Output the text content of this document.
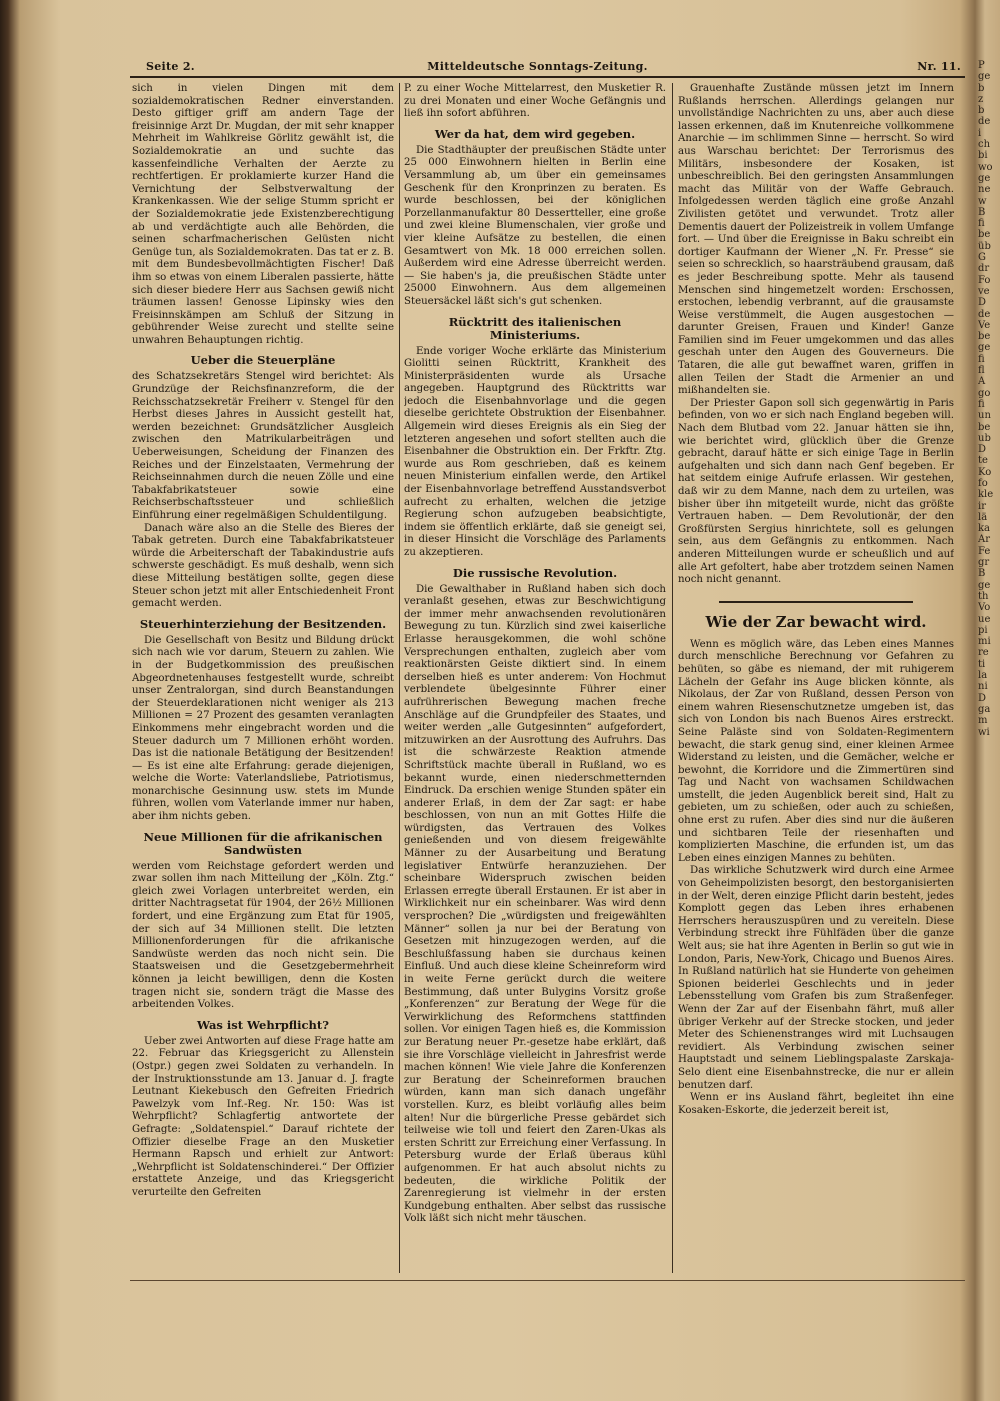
Seite 2.	Mitteldeutsche Sonntags-Zeitung.	Nr. 11.

sich in vielen Dingen mit dem sozialdemokratischen Redner einverstanden. Desto giftiger griff am andern Tage der freisinnige Arzt Dr. Mugdan, der mit sehr knapper Mehrheit im Wahlkreise Görlitz gewählt ist, die Sozialdemokratie an und suchte das kassenfeindliche Verhalten der Aerzte zu rechtfertigen. Er proklamierte kurzer Hand die Vernichtung der Selbstverwaltung der Krankenkassen. Wie der selige Stumm spricht er der Sozialdemokratie jede Existenzberechtigung ab und verdächtigte auch alle Behörden, die seinen scharfmacherischen Gelüsten nicht Genüge tun, als Sozialdemokraten. Das tat er z. B. mit dem Bundesbevollmächtigten Fischer! Daß ihm so etwas von einem Liberalen passierte, hätte sich dieser biedere Herr aus Sachsen gewiß nicht träumen lassen! Genosse Lipinsky wies den Freisinnskämpen am Schluß der Sitzung in gebührender Weise zurecht und stellte seine unwahren Behauptungen richtig.

Ueber die Steuerpläne

des Schatzsekretärs Stengel wird berichtet: Als Grundzüge der Reichsfinanzreform, die der Reichsschatzsekretär Freiherr v. Stengel für den Herbst dieses Jahres in Aussicht gestellt hat, werden bezeichnet: Grundsätzlicher Ausgleich zwischen den Matrikularbeiträgen und Ueberweisungen, Scheidung der Finanzen des Reiches und der Einzelstaaten, Vermehrung der Reichseinnahmen durch die neuen Zölle und eine Tabakfabrikatsteuer sowie eine Reichserbschaftssteuer und schließlich Einführung einer regelmäßigen Schuldentilgung.

Danach wäre also an die Stelle des Bieres der Tabak getreten. Durch eine Tabakfabrikatsteuer würde die Arbeiterschaft der Tabakindustrie aufs schwerste geschädigt. Es muß deshalb, wenn sich diese Mitteilung bestätigen sollte, gegen diese Steuer schon jetzt mit aller Entschiedenheit Front gemacht werden.

Steuerhinterziehung der Besitzenden.

Die Gesellschaft von Besitz und Bildung drückt sich nach wie vor darum, Steuern zu zahlen. Wie in der Budgetkommission des preußischen Abgeordnetenhauses festgestellt wurde, schreibt unser Zentralorgan, sind durch Beanstandungen der Steuerdeklarationen nicht weniger als 213 Millionen = 27 Prozent des gesamten veranlagten Einkommens mehr eingebracht worden und die Steuer dadurch um 7 Millionen erhöht worden. Das ist die nationale Betätigung der Besitzenden! — Es ist eine alte Erfahrung: gerade diejenigen, welche die Worte: Vaterlandsliebe, Patriotismus, monarchische Gesinnung usw. stets im Munde führen, wollen vom Vaterlande immer nur haben, aber ihm nichts geben.

Neue Millionen für die afrikanischen Sandwüsten

werden vom Reichstage gefordert werden und zwar sollen ihm nach Mitteilung der „Köln. Ztg.“ gleich zwei Vorlagen unterbreitet werden, ein dritter Nachtragsetat für 1904, der 26½ Millionen fordert, und eine Ergänzung zum Etat für 1905, der sich auf 34 Millionen stellt. Die letzten Millionenforderungen für die afrikanische Sandwüste werden das noch nicht sein. Die Staatsweisen und die Gesetzgebermehrheit können ja leicht bewilligen, denn die Kosten tragen nicht sie, sondern trägt die Masse des arbeitenden Volkes.

Was ist Wehrpflicht?

Ueber zwei Antworten auf diese Frage hatte am 22. Februar das Kriegsgericht zu Allenstein (Ostpr.) gegen zwei Soldaten zu verhandeln. In der Instruktionsstunde am 13. Januar d. J. fragte Leutnant Kiekebusch den Gefreiten Friedrich Pawelzyk vom Inf.-Reg. Nr. 150: Was ist Wehrpflicht? Schlagfertig antwortete der Gefragte: „Soldatenspiel.“ Darauf richtete der Offizier dieselbe Frage an den Musketier Hermann Rapsch und erhielt zur Antwort: „Wehrpflicht ist Soldatenschinderei.“ Der Offizier erstattete Anzeige, und das Kriegsgericht verurteilte den Gefreiten

P. zu einer Woche Mittelarrest, den Musketier R. zu drei Monaten und einer Woche Gefängnis und ließ ihn sofort abführen.

Wer da hat, dem wird gegeben.

Die Stadthäupter der preußischen Städte unter 25 000 Einwohnern hielten in Berlin eine Versammlung ab, um über ein gemeinsames Geschenk für den Kronprinzen zu beraten. Es wurde beschlossen, bei der königlichen Porzellanmanufaktur 80 Dessertteller, eine große und zwei kleine Blumenschalen, vier große und vier kleine Aufsätze zu bestellen, die einen Gesamtwert von Mk. 18 000 erreichen sollen. Außerdem wird eine Adresse überreicht werden. — Sie haben's ja, die preußischen Städte unter 25000 Einwohnern. Aus dem allgemeinen Steuersäckel läßt sich's gut schenken.

Rücktritt des italienischen Ministeriums.

Ende voriger Woche erklärte das Ministerium Giolitti seinen Rücktritt, Krankheit des Ministerpräsidenten wurde als Ursache angegeben. Hauptgrund des Rücktritts war jedoch die Eisenbahnvorlage und die gegen dieselbe gerichtete Obstruktion der Eisenbahner. Allgemein wird dieses Ereignis als ein Sieg der letzteren angesehen und sofort stellten auch die Eisenbahner die Obstruktion ein. Der Frkftr. Ztg. wurde aus Rom geschrieben, daß es keinem neuen Ministerium einfallen werde, den Artikel der Eisenbahnvorlage betreffend Ausstandsverbot aufrecht zu erhalten, welchen die jetzige Regierung schon aufzugeben beabsichtigte, indem sie öffentlich erklärte, daß sie geneigt sei, in dieser Hinsicht die Vorschläge des Parlaments zu akzeptieren.

Die russische Revolution.

Die Gewalthaber in Rußland haben sich doch veranlaßt gesehen, etwas zur Beschwichtigung der immer mehr anwachsenden revolutionären Bewegung zu tun. Kürzlich sind zwei kaiserliche Erlasse herausgekommen, die wohl schöne Versprechungen enthalten, zugleich aber vom reaktionärsten Geiste diktiert sind. In einem derselben hieß es unter anderem: Von Hochmut verblendete übelgesinnte Führer einer aufrührerischen Bewegung machen freche Anschläge auf die Grundpfeiler des Staates, und weiter werden „alle Gutgesinnten“ aufgefordert, mitzuwirken an der Ausrottung des Aufruhrs. Das ist die schwärzeste Reaktion atmende Schriftstück machte überall in Rußland, wo es bekannt wurde, einen niederschmetternden Eindruck. Da erschien wenige Stunden später ein anderer Erlaß, in dem der Zar sagt: er habe beschlossen, von nun an mit Gottes Hilfe die würdigsten, das Vertrauen des Volkes genießenden und von diesem freigewählte Männer zu der Ausarbeitung und Beratung legislativer Entwürfe heranzuziehen. Der scheinbare Widerspruch zwischen beiden Erlassen erregte überall Erstaunen. Er ist aber in Wirklichkeit nur ein scheinbarer. Was wird denn versprochen? Die „würdigsten und freigewählten Männer“ sollen ja nur bei der Beratung von Gesetzen mit hinzugezogen werden, auf die Beschlußfassung haben sie durchaus keinen Einfluß. Und auch diese kleine Scheinreform wird in weite Ferne gerückt durch die weitere Bestimmung, daß unter Bulygins Vorsitz große „Konferenzen“ zur Beratung der Wege für die Verwirklichung des Reformchens stattfinden sollen. Vor einigen Tagen hieß es, die Kommission zur Beratung neuer Pr.-gesetze habe erklärt, daß sie ihre Vorschläge vielleicht in Jahresfrist werde machen können! Wie viele Jahre die Konferenzen zur Beratung der Scheinreformen brauchen würden, kann man sich danach ungefähr vorstellen. Kurz, es bleibt vorläufig alles beim alten! Nur die bürgerliche Presse gebärdet sich teilweise wie toll und feiert den Zaren-Ukas als ersten Schritt zur Erreichung einer Verfassung. In Petersburg wurde der Erlaß überaus kühl aufgenommen. Er hat auch absolut nichts zu bedeuten, die wirkliche Politik der Zarenregierung ist vielmehr in der ersten Kundgebung enthalten. Aber selbst das russische Volk läßt sich nicht mehr täuschen.

Grauenhafte Zustände müssen jetzt im Innern Rußlands herrschen. Allerdings gelangen nur unvollständige Nachrichten zu uns, aber auch diese lassen erkennen, daß im Knutenreiche vollkommene Anarchie — im schlimmen Sinne — herrscht. So wird aus Warschau berichtet: Der Terrorismus des Militärs, insbesondere der Kosaken, ist unbeschreiblich. Bei den geringsten Ansammlungen macht das Militär von der Waffe Gebrauch. Infolgedessen werden täglich eine große Anzahl Zivilisten getötet und verwundet. Trotz aller Dementis dauert der Polizeistreik in vollem Umfange fort. — Und über die Ereignisse in Baku schreibt ein dortiger Kaufmann der Wiener „N. Fr. Presse“ sie seien so schrecklich, so haarsträubend grausam, daß es jeder Beschreibung spotte. Mehr als tausend Menschen sind hingemetzelt worden: Erschossen, erstochen, lebendig verbrannt, auf die grausamste Weise verstümmelt, die Augen ausgestochen — darunter Greisen, Frauen und Kinder! Ganze Familien sind im Feuer umgekommen und das alles geschah unter den Augen des Gouverneurs. Die Tataren, die alle gut bewaffnet waren, griffen in allen Teilen der Stadt die Armenier an und mißhandelten sie.

Der Priester Gapon soll sich gegenwärtig in Paris befinden, von wo er sich nach England begeben will. Nach dem Blutbad vom 22. Januar hätten sie ihn, wie berichtet wird, glücklich über die Grenze gebracht, darauf hätte er sich einige Tage in Berlin aufgehalten und sich dann nach Genf begeben. Er hat seitdem einige Aufrufe erlassen. Wir gestehen, daß wir zu dem Manne, nach dem zu urteilen, was bisher über ihn mitgeteilt wurde, nicht das größte Vertrauen haben. — Dem Revolutionär, der den Großfürsten Sergius hinrichtete, soll es gelungen sein, aus dem Gefängnis zu entkommen. Nach anderen Mitteilungen wurde er scheußlich und auf alle Art gefoltert, habe aber trotzdem seinen Namen noch nicht genannt.

Wie der Zar bewacht wird.

Wenn es möglich wäre, das Leben eines Mannes durch menschliche Berechnung vor Gefahren zu behüten, so gäbe es niemand, der mit ruhigerem Lächeln der Gefahr ins Auge blicken könnte, als Nikolaus, der Zar von Rußland, dessen Person von einem wahren Riesenschutznetze umgeben ist, das sich von London bis nach Buenos Aires erstreckt. Seine Paläste sind von Soldaten-Regimentern bewacht, die stark genug sind, einer kleinen Armee Widerstand zu leisten, und die Gemächer, welche er bewohnt, die Korridore und die Zimmertüren sind Tag und Nacht von wachsamen Schildwachen umstellt, die jeden Augenblick bereit sind, Halt zu gebieten, um zu schießen, oder auch zu schießen, ohne erst zu rufen. Aber dies sind nur die äußeren und sichtbaren Teile der riesenhaften und komplizierten Maschine, die erfunden ist, um das Leben eines einzigen Mannes zu behüten.

Das wirkliche Schutzwerk wird durch eine Armee von Geheimpolizisten besorgt, den bestorganisierten in der Welt, deren einzige Pflicht darin besteht, jedes Komplott gegen das Leben ihres erhabenen Herrschers herauszuspüren und zu vereiteln. Diese Verbindung streckt ihre Fühlfäden über die ganze Welt aus; sie hat ihre Agenten in Berlin so gut wie in London, Paris, New-York, Chicago und Buenos Aires. In Rußland natürlich hat sie Hunderte von geheimen Spionen beiderlei Geschlechts und in jeder Lebensstellung vom Grafen bis zum Straßenfeger. Wenn der Zar auf der Eisenbahn fährt, muß aller übriger Verkehr auf der Strecke stocken, und jeder Meter des Schienenstranges wird mit Luchsaugen revidiert. Als Verbindung zwischen seiner Hauptstadt und seinem Lieblingspalaste Zarskaja-Selo dient eine Eisenbahnstrecke, die nur er allein benutzen darf.

Wenn er ins Ausland fährt, begleitet ihn eine Kosaken-Eskorte, die jederzeit bereit ist,

P
ge
b
z
b
de
i
ch
bi
wo
ge
ne
w
B
fi
be
üb
G
dr
Fo
ve
D
de
Ve
be
ge
fi
fl
A
go
fi
un
be
ub
D
te
Ko
fo
kle
ir
lä
ka
Ar
Fe
gr
B
ge
th
Vo
ue
pi
mi
re
ti
la
ni
D
ga
m
wi
